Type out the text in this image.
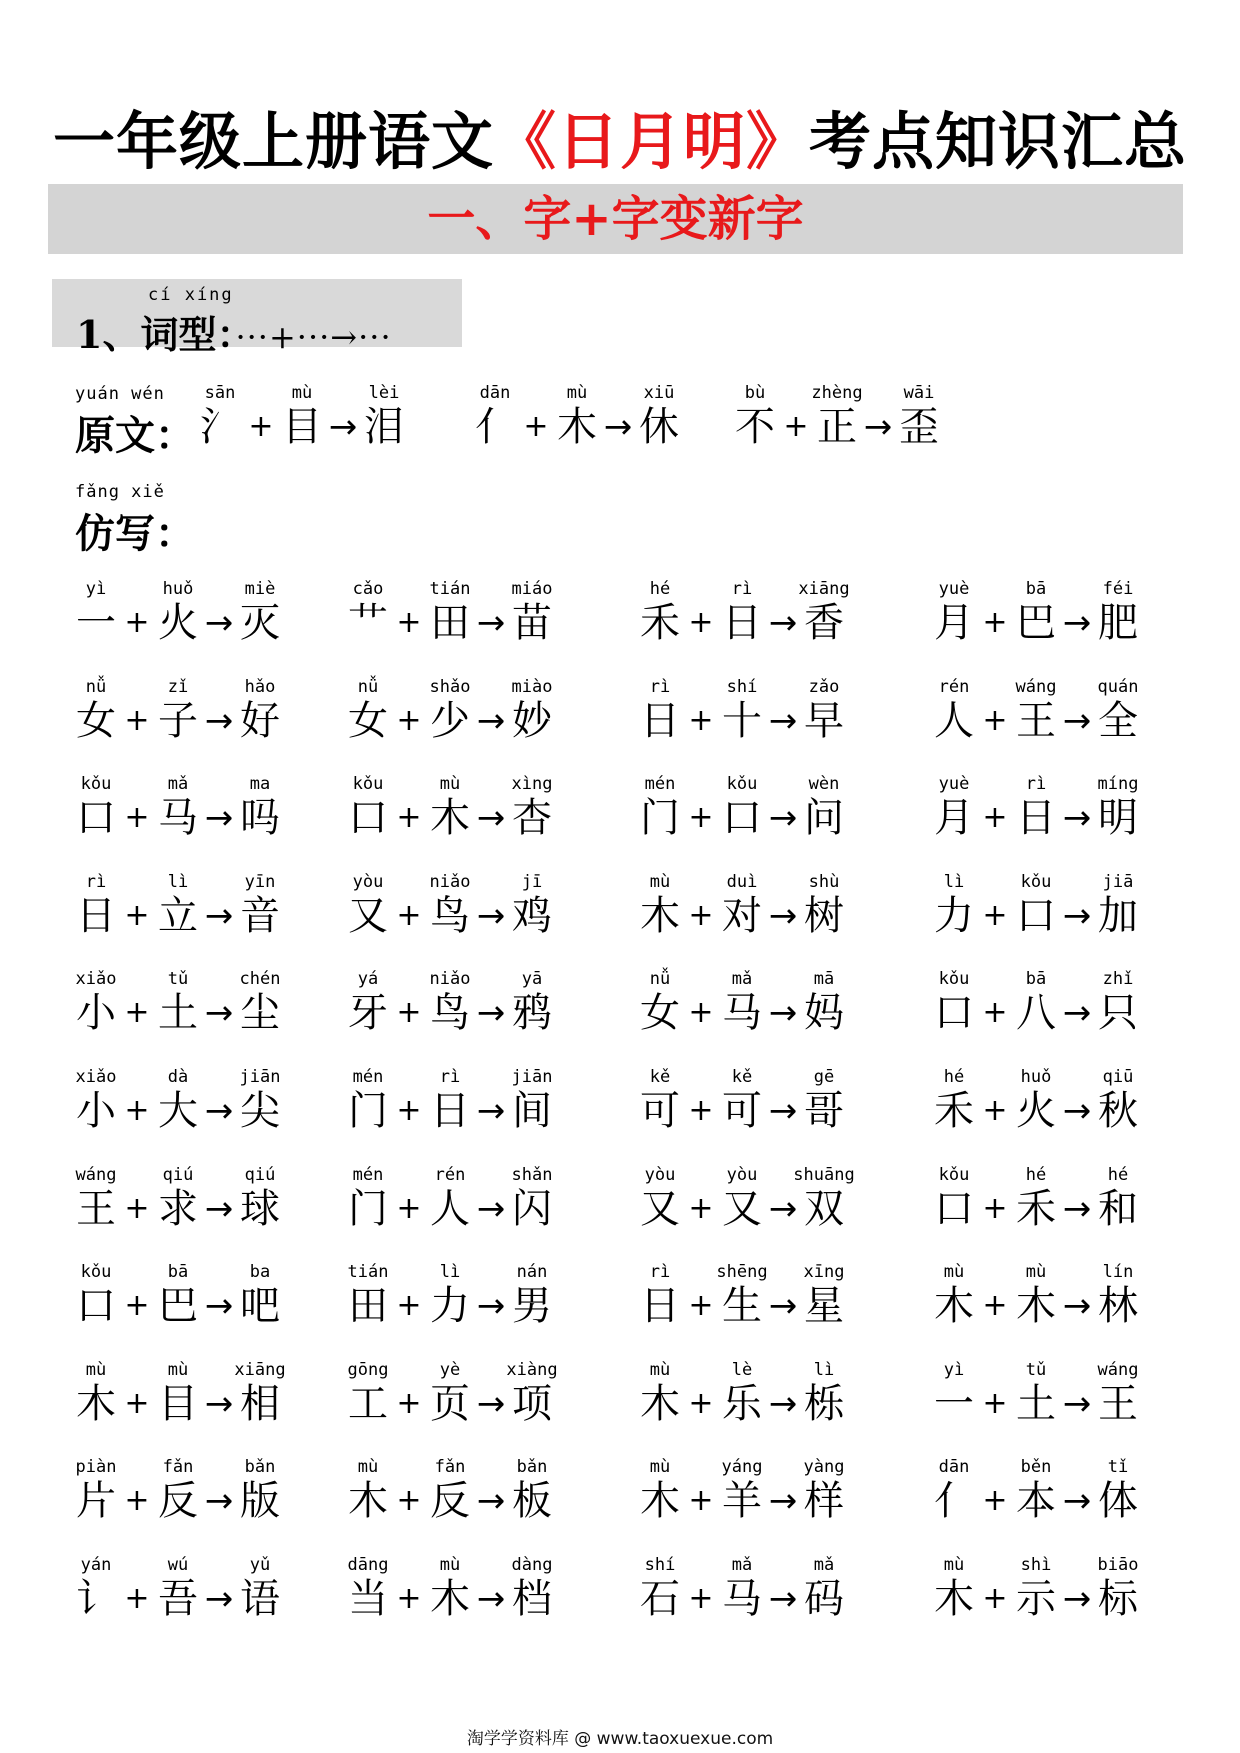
一年级上册语文《日月明》考点知识汇总
一、字+字变新字
cí xíng
1、词型：···+···→···
yuán wén
原文：
fǎng xiě
仿写：
sān
氵
mù
目
lèi
泪
+ →
dān
亻
mù
木
xiū
休
+ →
bù
不
zhèng
正
wāi
歪
+ →
yì
一
huǒ
火
miè
灭
+ →
cǎo
艹
tián
田
miáo
苗
+ →
hé
禾
rì
日
xiāng
香
+ →
yuè
月
bā
巴
féi
肥
+ →
nǚ
女
zǐ
子
hǎo
好
+ →
nǚ
女
shǎo
少
miào
妙
+ →
rì
日
shí
十
zǎo
早
+ →
rén
人
wáng
王
quán
全
+ →
kǒu
口
mǎ
马
ma
吗
+ →
kǒu
口
mù
木
xìng
杏
+ →
mén
门
kǒu
口
wèn
问
+ →
yuè
月
rì
日
míng
明
+ →
rì
日
lì
立
yīn
音
+ →
yòu
又
niǎo
鸟
jī
鸡
+ →
mù
木
duì
对
shù
树
+ →
lì
力
kǒu
口
jiā
加
+ →
xiǎo
小
tǔ
土
chén
尘
+ →
yá
牙
niǎo
鸟
yā
鸦
+ →
nǚ
女
mǎ
马
mā
妈
+ →
kǒu
口
bā
八
zhǐ
只
+ →
xiǎo
小
dà
大
jiān
尖
+ →
mén
门
rì
日
jiān
间
+ →
kě
可
kě
可
gē
哥
+ →
hé
禾
huǒ
火
qiū
秋
+ →
wáng
王
qiú
求
qiú
球
+ →
mén
门
rén
人
shǎn
闪
+ →
yòu
又
yòu
又
shuāng
双
+ →
kǒu
口
hé
禾
hé
和
+ →
kǒu
口
bā
巴
ba
吧
+ →
tián
田
lì
力
nán
男
+ →
rì
日
shēng
生
xīng
星
+ →
mù
木
mù
木
lín
林
+ →
mù
木
mù
目
xiāng
相
+ →
gōng
工
yè
页
xiàng
项
+ →
mù
木
lè
乐
lì
栎
+ →
yì
一
tǔ
土
wáng
王
+ →
piàn
片
fǎn
反
bǎn
版
+ →
mù
木
fǎn
反
bǎn
板
+ →
mù
木
yáng
羊
yàng
样
+ →
dān
亻
běn
本
tǐ
体
+ →
yán
讠
wú
吾
yǔ
语
+ →
dāng
当
mù
木
dàng
档
+ →
shí
石
mǎ
马
mǎ
码
+ →
mù
木
shì
示
biāo
标
+ →
淘学学资料库 @ www.taoxuexue.com
